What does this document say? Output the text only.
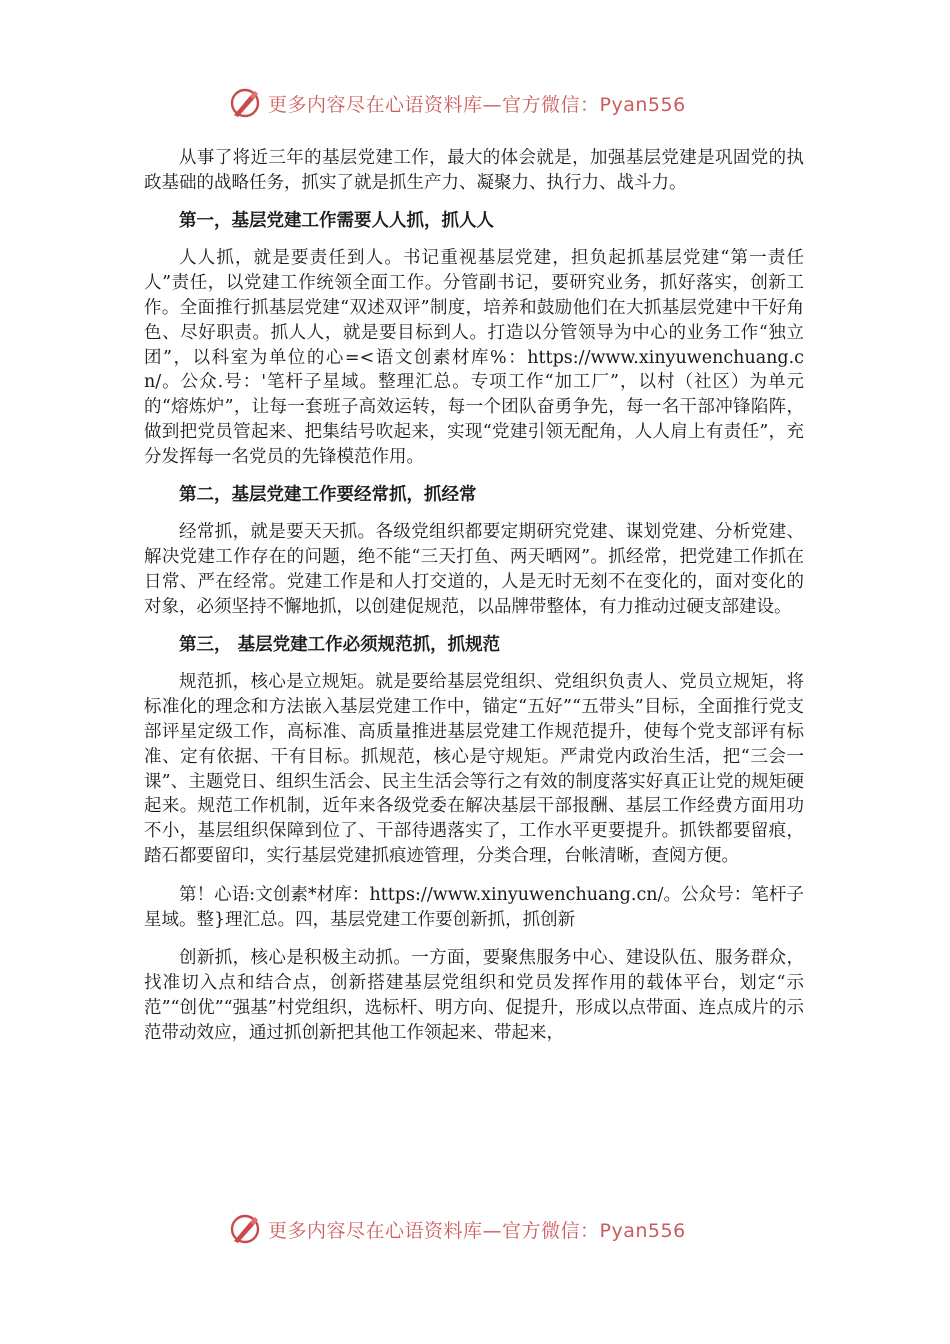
更多内容尽在心语资料库—官方微信：Pyan556

从事了将近三年的基层党建工作，最大的体会就是，加强基层党建是巩固党的执政基础的战略任务，抓实了就是抓生产力、凝聚力、执行力、战斗力。

第一，基层党建工作需要人人抓，抓人人

人人抓，就是要责任到人。书记重视基层党建，担负起抓基层党建“第一责任人”责任，以党建工作统领全面工作。分管副书记，要研究业务，抓好落实，创新工作。全面推行抓基层党建“双述双评”制度，培养和鼓励他们在大抓基层党建中干好角色、尽好职责。抓人人，就是要目标到人。打造以分管领导为中心的业务工作“独立团”，以科室为单位的心=<语文创素材库%：https://www.xinyuwenchuang.cn/。公众.号：'笔杆子星域。整理汇总。专项工作“加工厂”，以村（社区）为单元的“熔炼炉”，让每一套班子高效运转，每一个团队奋勇争先，每一名干部冲锋陷阵，做到把党员管起来、把集结号吹起来，实现“党建引领无配角，人人肩上有责任”，充分发挥每一名党员的先锋模范作用。

第二，基层党建工作要经常抓，抓经常

经常抓，就是要天天抓。各级党组织都要定期研究党建、谋划党建、分析党建、解决党建工作存在的问题，绝不能“三天打鱼、两天晒网”。抓经常，把党建工作抓在日常、严在经常。党建工作是和人打交道的，人是无时无刻不在变化的，面对变化的对象，必须坚持不懈地抓，以创建促规范，以品牌带整体，有力推动过硬支部建设。

第三， 基层党建工作必须规范抓，抓规范

规范抓，核心是立规矩。就是要给基层党组织、党组织负责人、党员立规矩，将标准化的理念和方法嵌入基层党建工作中，锚定“五好”“五带头”目标，全面推行党支部评星定级工作，高标准、高质量推进基层党建工作规范提升，使每个党支部评有标准、定有依据、干有目标。抓规范，核心是守规矩。严肃党内政治生活，把“三会一课”、主题党日、组织生活会、民主生活会等行之有效的制度落实好真正让党的规矩硬起来。规范工作机制，近年来各级党委在解决基层干部报酬、基层工作经费方面用功不小，基层组织保障到位了、干部待遇落实了，工作水平更要提升。抓铁都要留痕，踏石都要留印，实行基层党建抓痕迹管理，分类合理，台帐清晰，查阅方便。

第！心语:文创素*材库：https://www.xinyuwenchuang.cn/。公众号：笔杆子星域。整}理汇总。四，基层党建工作要创新抓，抓创新

创新抓，核心是积极主动抓。一方面，要聚焦服务中心、建设队伍、服务群众，找准切入点和结合点，创新搭建基层党组织和党员发挥作用的载体平台，划定“示范”“创优”“强基”村党组织，选标杆、明方向、促提升，形成以点带面、连点成片的示范带动效应，通过抓创新把其他工作领起来、带起来，

更多内容尽在心语资料库—官方微信：Pyan556
